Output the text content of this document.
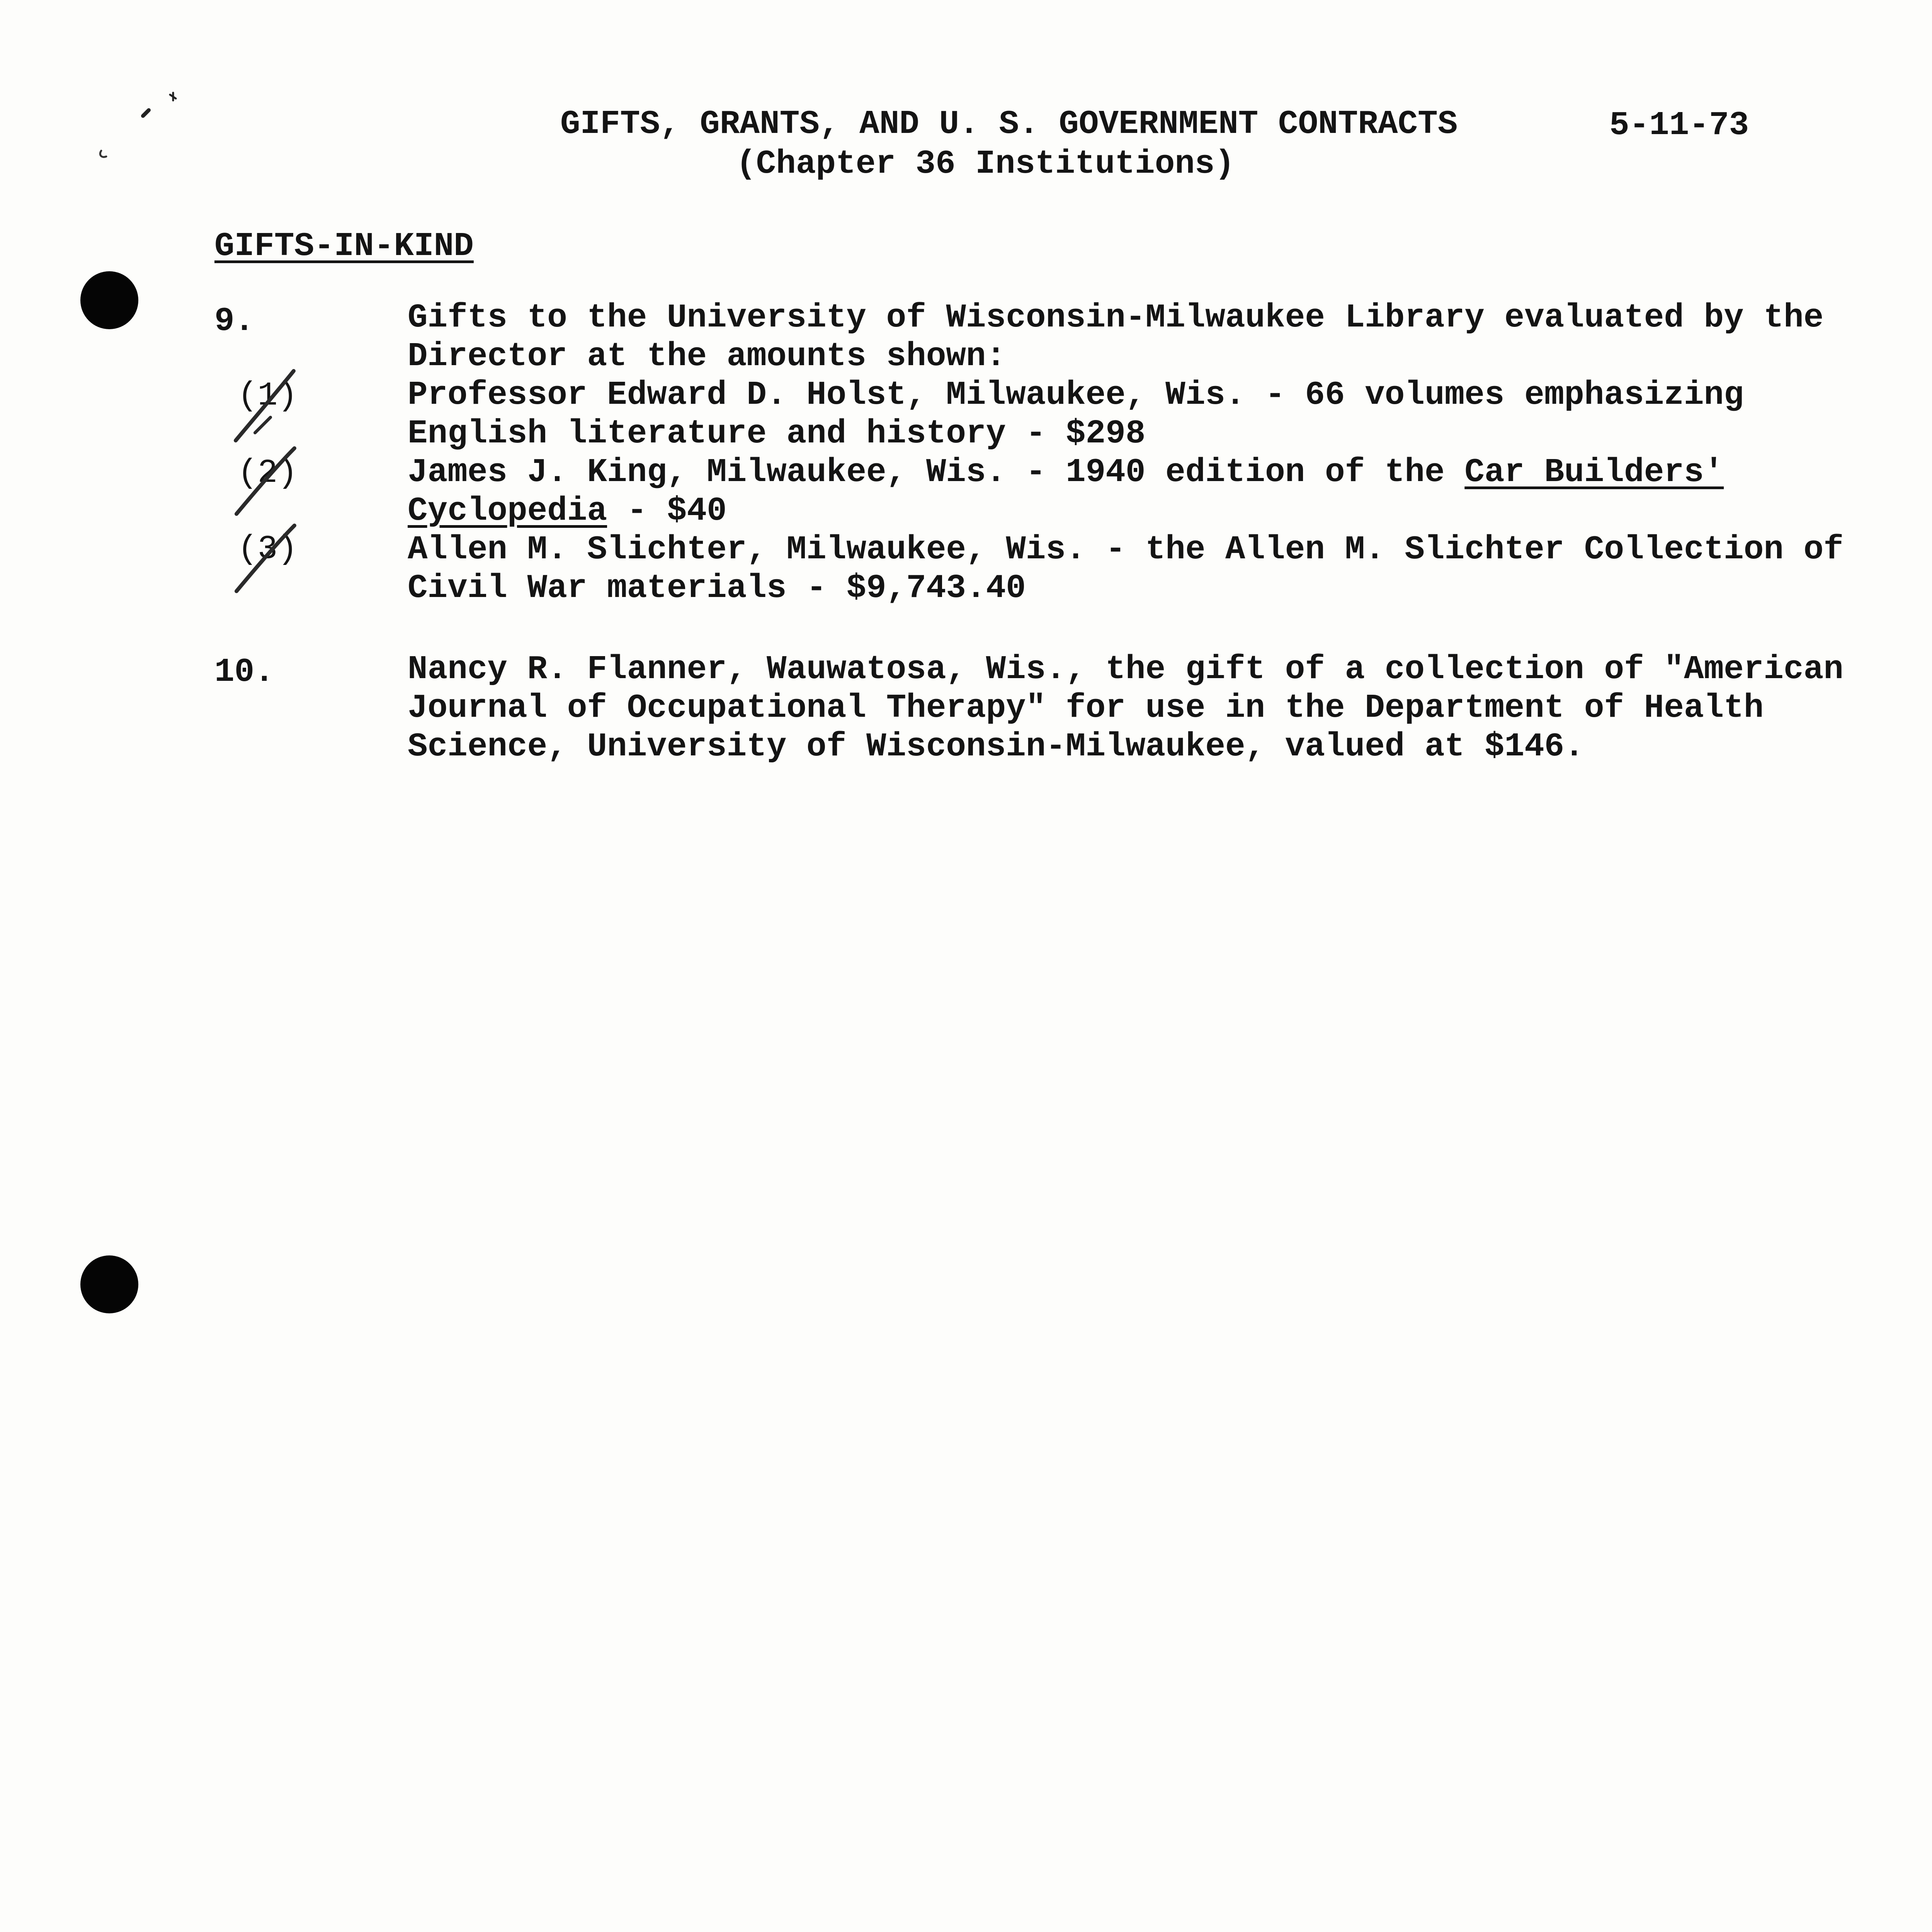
GIFTS, GRANTS, AND U. S. GOVERNMENT CONTRACTS
(Chapter 36 Institutions)
5-11-73
GIFTS-IN-KIND
9.	Gifts to the University of Wisconsin-Milwaukee Library evaluated by the
Director at the amounts shown:
(1)	Professor Edward D. Holst, Milwaukee, Wis. - 66 volumes emphasizing
English literature and history - $298
(2)	James J. King, Milwaukee, Wis. - 1940 edition of the Car Builders'
Cyclopedia - $40
(3)	Allen M. Slichter, Milwaukee, Wis. - the Allen M. Slichter Collection of
Civil War materials - $9,743.40
10.	Nancy R. Flanner, Wauwatosa, Wis., the gift of a collection of "American
Journal of Occupational Therapy" for use in the Department of Health
Science, University of Wisconsin-Milwaukee, valued at $146.
